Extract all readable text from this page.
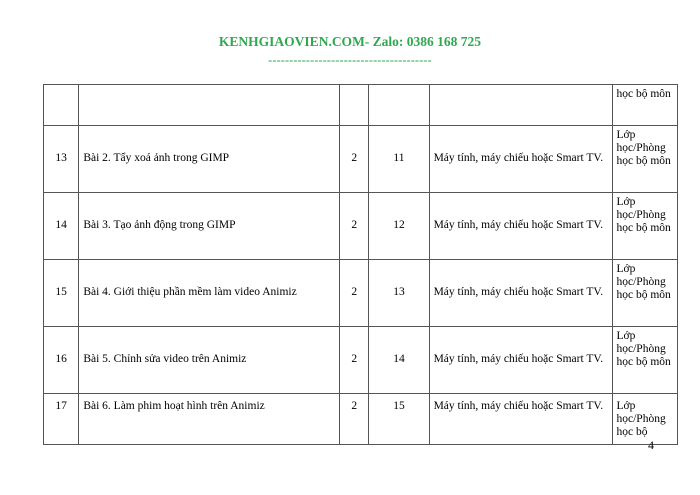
KENHGIAOVIEN.COM- Zalo: 0386 168 725
---------------------------------------
					học bộ môn
13	Bài 2. Tẩy xoá ảnh trong GIMP	2	11	Máy tính, máy chiếu hoặc Smart TV.	Lớp học/Phòng học bộ môn
14	Bài 3. Tạo ảnh động trong GIMP	2	12	Máy tính, máy chiếu hoặc Smart TV.	Lớp học/Phòng học bộ môn
15	Bài 4. Giới thiệu phần mềm làm video Animiz	2	13	Máy tính, máy chiếu hoặc Smart TV.	Lớp học/Phòng học bộ môn
16	Bài 5. Chỉnh sửa video trên Animiz	2	14	Máy tính, máy chiếu hoặc Smart TV.	Lớp học/Phòng học bộ môn
17	Bài 6. Làm phim hoạt hình trên Animiz	2	15	Máy tính, máy chiếu hoặc Smart TV.	Lớp học/Phòng học bộ
4
